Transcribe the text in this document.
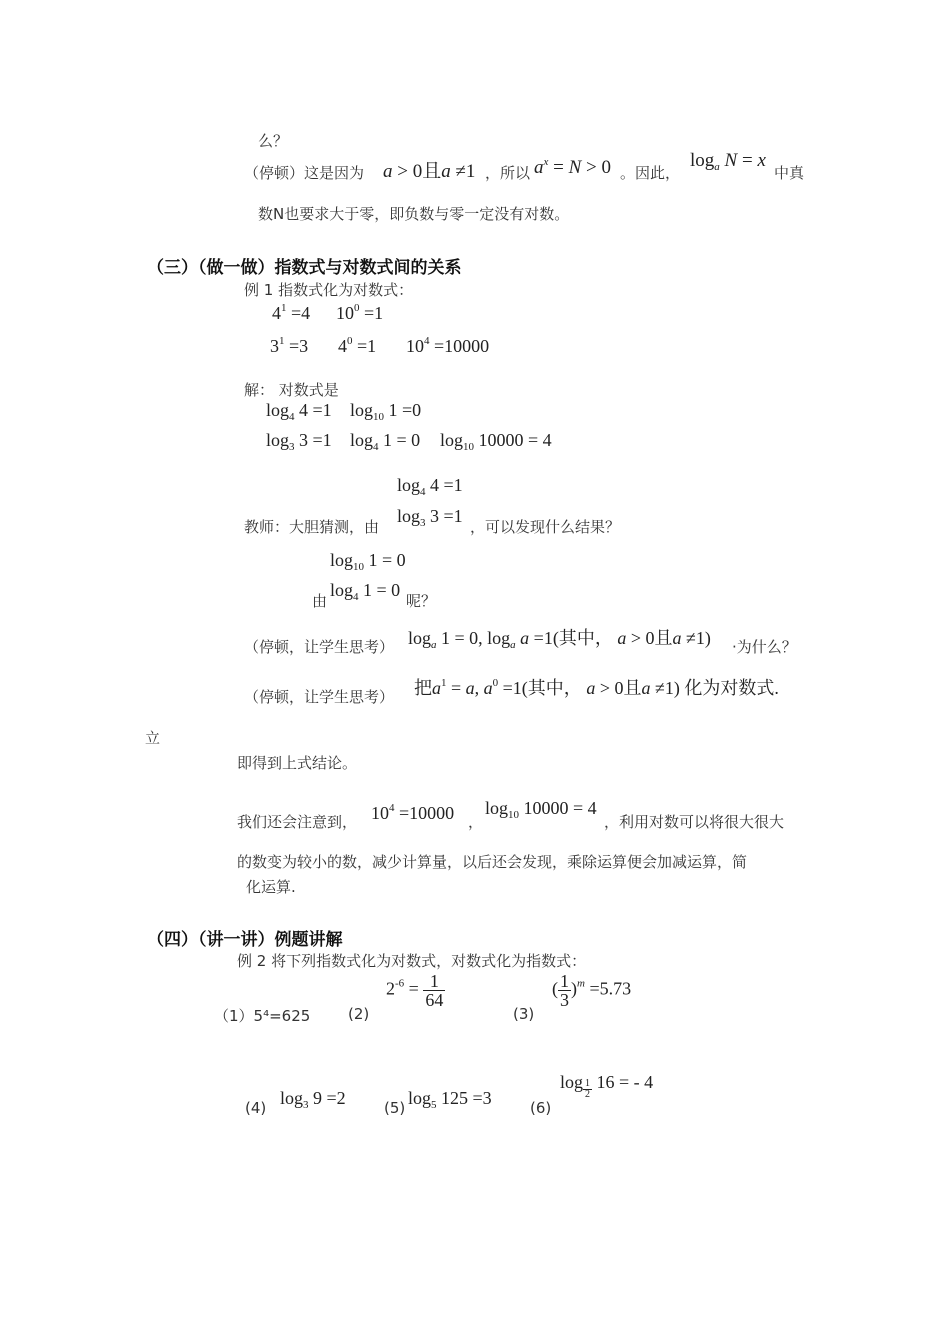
么？
（停顿）这是因为 a > 0且a ≠1 ，所以 $a^x = N > 0$ 。因此，
$\log_a N = x$
中真
数N也要求大于零，即负数与零一定没有对数。
（三）（做一做）指数式与对数式间的关系
例 1 指数式化为对数式：
$4^1 =4$ $10^0 =1$
$3^1 =3$ $4^0 =1$ $10^4 =10000$
解： 对数式是
$\log_4 4 =1$ $\log_{10} 1 =0$
$\log_3 3 =1$ $\log_4 1 = 0$ $\log_{10} 10000 = 4$
$\log_4 4 =1$
教师：大胆猜测，由
$\log_3 3 =1$
，可以发现什么结果？
$\log_{10} 1 = 0$
由
$\log_4 1 = 0$
呢？
（停顿，让学生思考） $\log_a 1 = 0$, $\log_a a =1$(其中， a > 0且a ≠1) ·为什么？
（停顿，让学生思考） 把$a^1 = a$, $a^0 =1$(其中， a > 0且a ≠1) 化为对数式.
立
即得到上式结论。
我们还会注意到， $10^4 =10000$ ，
$\log_{10} 10000 = 4$
，利用对数可以将很大很大
的数变为较小的数，减少计算量，以后还会发现，乘除运算便会加减运算，简
化运算.
（四）（讲一讲）例题讲解
例 2 将下列指数式化为对数式，对数式化为指数式：
（1）5⁴=625	(2)
$2^{-6} = \frac{1}{64}$
(3)
( $\frac{1}{3} )^m =5.73$
(4) $\log_3 9 =2$	(5) $\log_5 125 =3$	(6)
log $_{\frac{1}{2}}$ 16 = - 4
